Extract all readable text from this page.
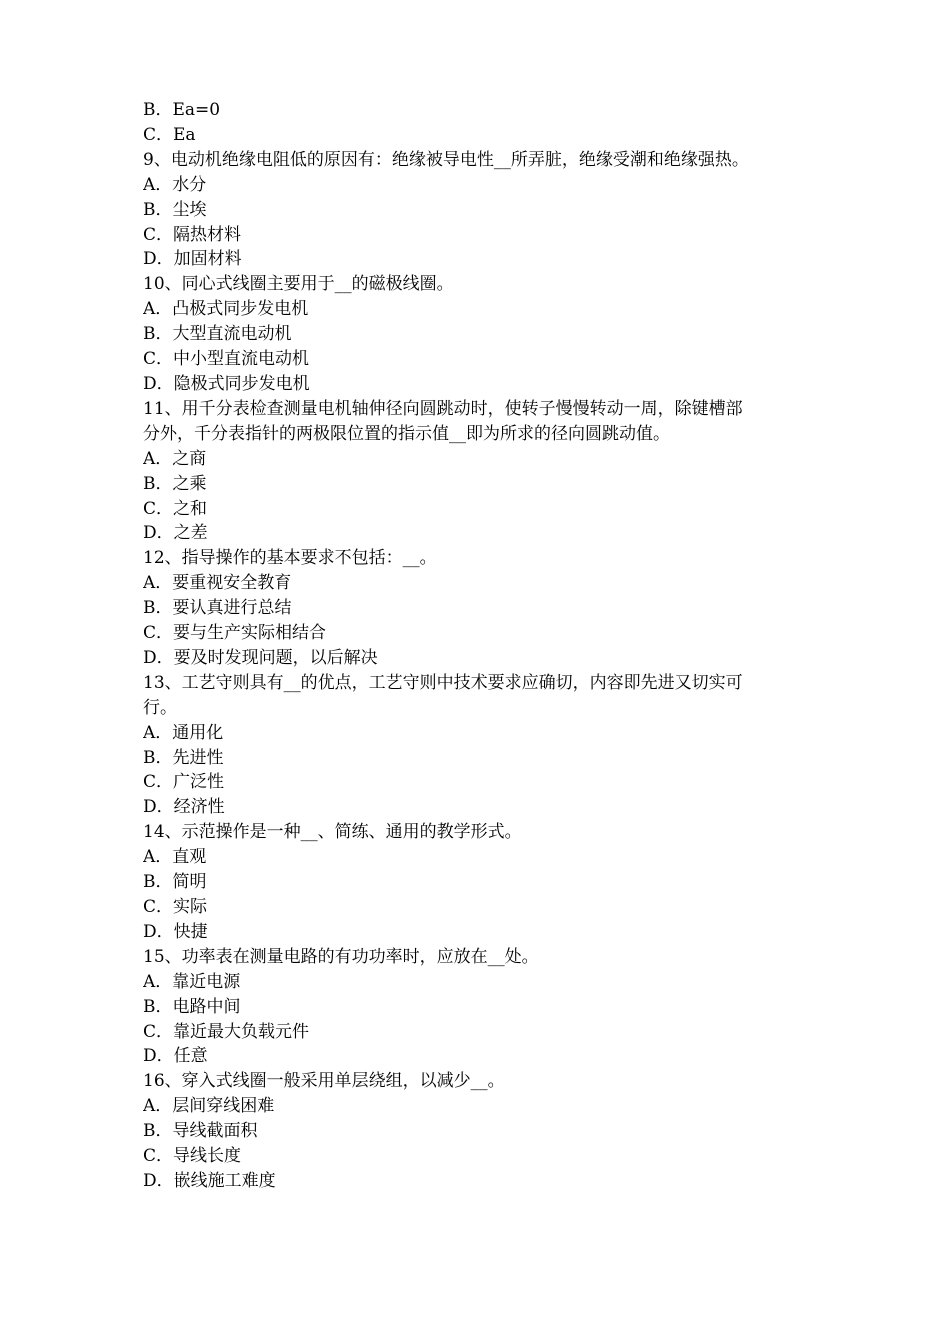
B．Ea=0
C．Ea
9、电动机绝缘电阻低的原因有：绝缘被导电性__所弄脏，绝缘受潮和绝缘强热。
A．水分
B．尘埃
C．隔热材料
D．加固材料
10、同心式线圈主要用于__的磁极线圈。
A．凸极式同步发电机
B．大型直流电动机
C．中小型直流电动机
D．隐极式同步发电机
11、用千分表检查测量电机轴伸径向圆跳动时，使转子慢慢转动一周，除键槽部
分外，千分表指针的两极限位置的指示值__即为所求的径向圆跳动值。
A．之商
B．之乘
C．之和
D．之差
12、指导操作的基本要求不包括：__。
A．要重视安全教育
B．要认真进行总结
C．要与生产实际相结合
D．要及时发现问题，以后解决
13、工艺守则具有__的优点，工艺守则中技术要求应确切，内容即先进又切实可
行。
A．通用化
B．先进性
C．广泛性
D．经济性
14、示范操作是一种__、简练、通用的教学形式。
A．直观
B．简明
C．实际
D．快捷
15、功率表在测量电路的有功功率时，应放在__处。
A．靠近电源
B．电路中间
C．靠近最大负载元件
D．任意
16、穿入式线圈一般采用单层绕组，以减少__。
A．层间穿线困难
B．导线截面积
C．导线长度
D．嵌线施工难度
